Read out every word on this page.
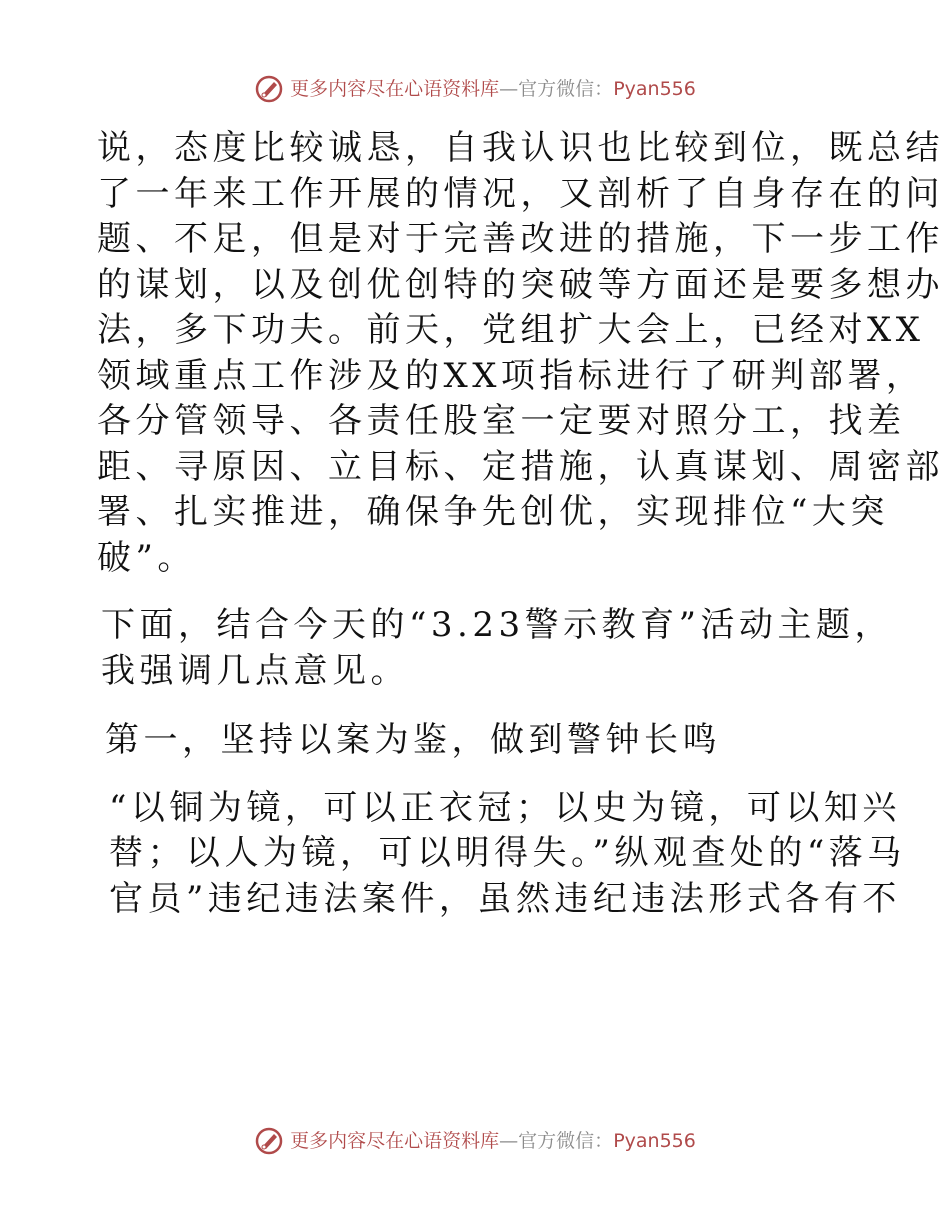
更多内容尽在心语资料库—官方微信：Pyan556

说，态度比较诚恳，自我认识也比较到位，既总结
了一年来工作开展的情况，又剖析了自身存在的问
题、不足，但是对于完善改进的措施，下一步工作
的谋划，以及创优创特的突破等方面还是要多想办
法，多下功夫。前天，党组扩大会上，已经对XX
领域重点工作涉及的XX项指标进行了研判部署，
各分管领导、各责任股室一定要对照分工，找差
距、寻原因、立目标、定措施，认真谋划、周密部
署、扎实推进，确保争先创优，实现排位“大突
破”。

下面，结合今天的“3.23警示教育”活动主题，
我强调几点意见。

第一，坚持以案为鉴，做到警钟长鸣

“以铜为镜，可以正衣冠；以史为镜，可以知兴
替；以人为镜，可以明得失。”纵观查处的“落马
官员”违纪违法案件，虽然违纪违法形式各有不

更多内容尽在心语资料库—官方微信：Pyan556
